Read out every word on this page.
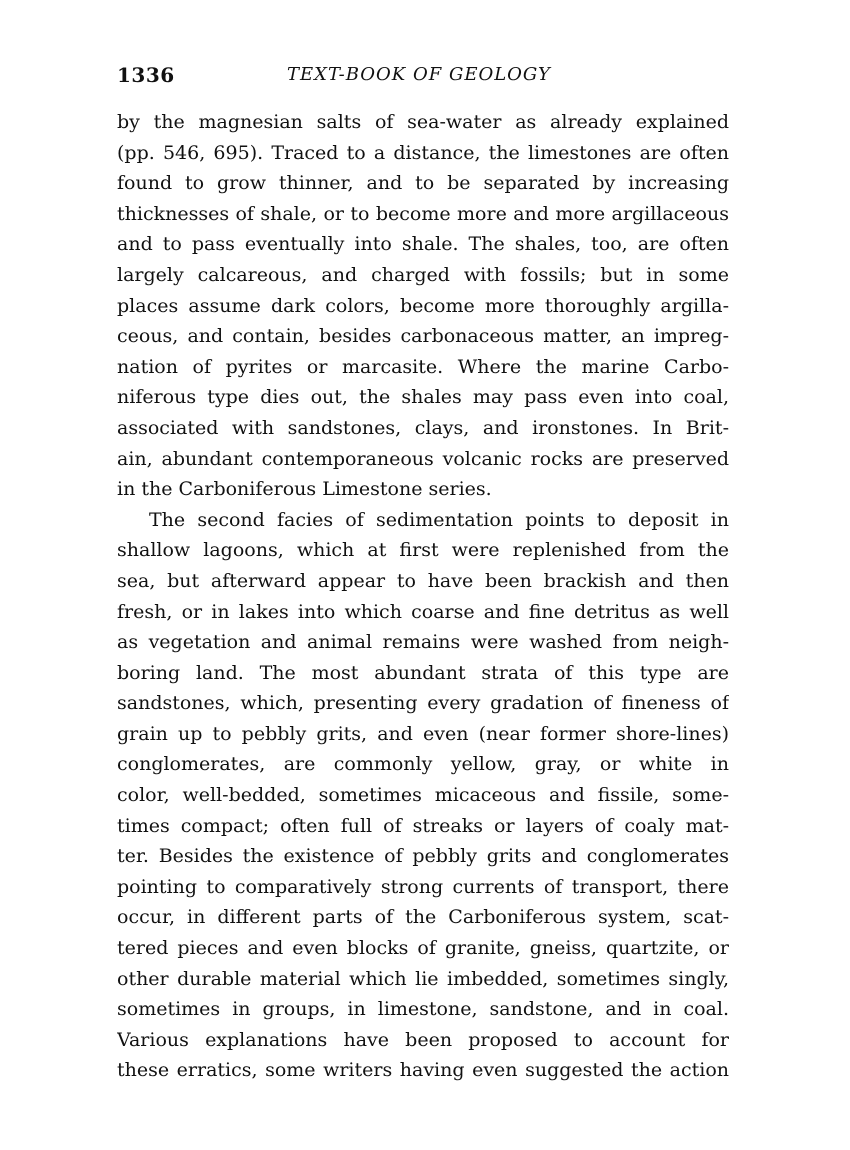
1336	TEXT-BOOK OF GEOLOGY
by the magnesian salts of sea-water as already explained
(pp. 546, 695). Traced to a distance, the limestones are often
found to grow thinner, and to be separated by increasing
thicknesses of shale, or to become more and more argillaceous
and to pass eventually into shale. The shales, too, are often
largely calcareous, and charged with fossils; but in some
places assume dark colors, become more thoroughly argilla-
ceous, and contain, besides carbonaceous matter, an impreg-
nation of pyrites or marcasite. Where the marine Carbo-
niferous type dies out, the shales may pass even into coal,
associated with sandstones, clays, and ironstones. In Brit-
ain, abundant contemporaneous volcanic rocks are preserved
in the Carboniferous Limestone series.
The second facies of sedimentation points to deposit in
shallow lagoons, which at first were replenished from the
sea, but afterward appear to have been brackish and then
fresh, or in lakes into which coarse and fine detritus as well
as vegetation and animal remains were washed from neigh-
boring land. The most abundant strata of this type are
sandstones, which, presenting every gradation of fineness of
grain up to pebbly grits, and even (near former shore-lines)
conglomerates, are commonly yellow, gray, or white in
color, well-bedded, sometimes micaceous and fissile, some-
times compact; often full of streaks or layers of coaly mat-
ter. Besides the existence of pebbly grits and conglomerates
pointing to comparatively strong currents of transport, there
occur, in different parts of the Carboniferous system, scat-
tered pieces and even blocks of granite, gneiss, quartzite, or
other durable material which lie imbedded, sometimes singly,
sometimes in groups, in limestone, sandstone, and in coal.
Various explanations have been proposed to account for
these erratics, some writers having even suggested the action
